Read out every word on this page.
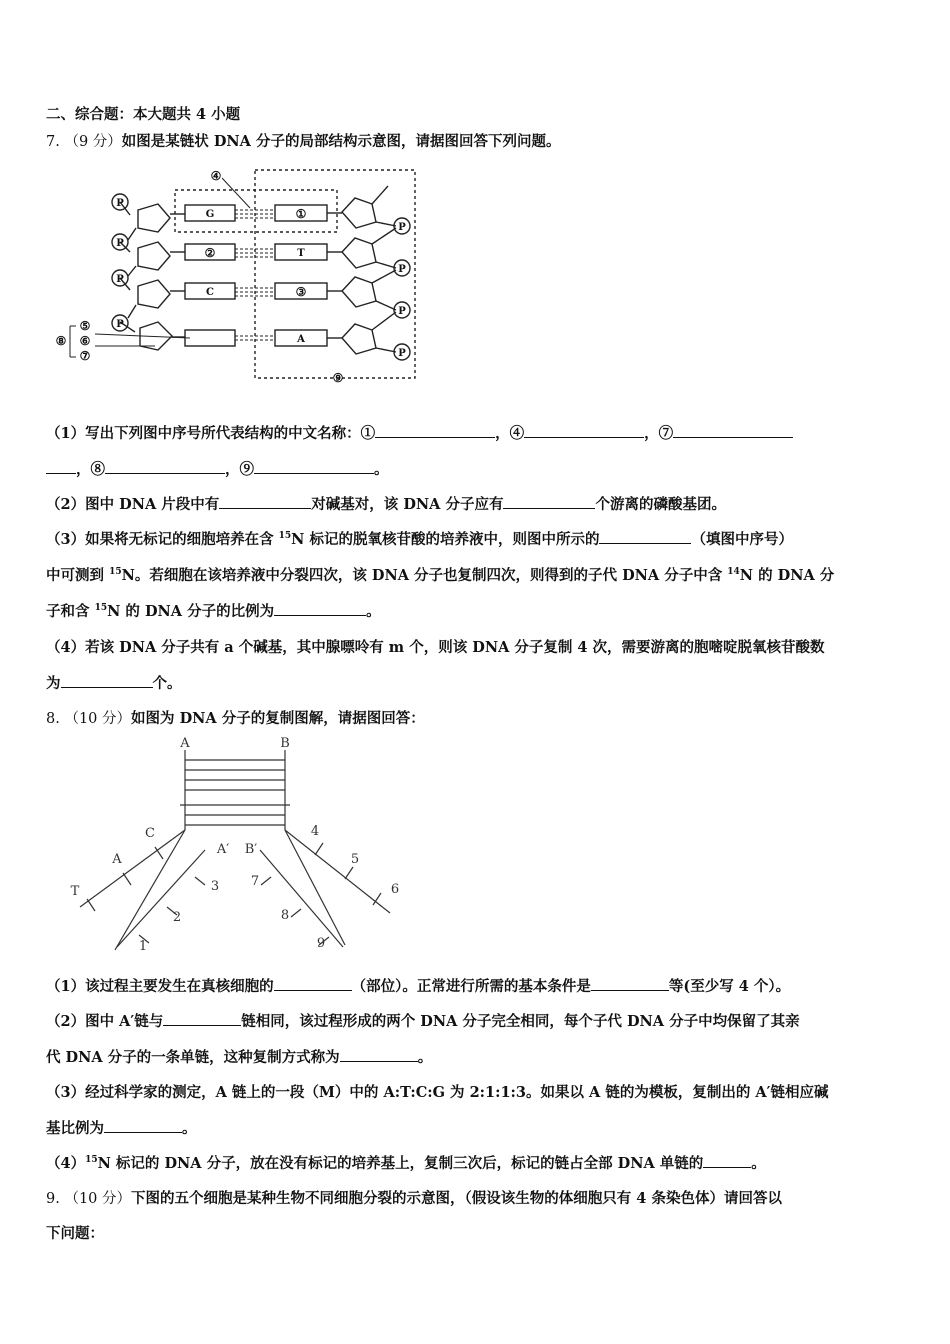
二、综合题：本大题共 4 小题
7. （9 分）如图是某链状 DNA 分子的局部结构示意图，请据图回答下列问题。
P
P
P
P
P
P
P
P
G
C
T
A
①
②
③
④
⑤
⑥
⑦
⑧
⑨
（1）写出下列图中序号所代表结构的中文名称：①	，④	，⑦
，⑧	，⑨	。
（2）图中 DNA 片段中有	对碱基对，该 DNA 分子应有	个游离的磷酸基团。
（3）如果将无标记的细胞培养在含 $^{15}$N 标记的脱氧核苷酸的培养液中，则图中所示的	（填图中序号）
中可测到 $^{15}$N。若细胞在该培养液中分裂四次，该 DNA 分子也复制四次，则得到的子代 DNA 分子中含 $^{14}$N 的 DNA 分
子和含 $^{15}$N 的 DNA 分子的比例为	。
（4）若该 DNA 分子共有 a 个碱基，其中腺嘌呤有 m 个，则该 DNA 分子复制 4 次，需要游离的胞嘧啶脱氧核苷酸数
为	个。
8. （10 分）如图为 DNA 分子的复制图解，请据图回答：
A	B
A′ B′
C
A
T
1
2
3
4
5
6
7
8
9
（1）该过程主要发生在真核细胞的	（部位）。正常进行所需的基本条件是	等(至少写 4 个）。
（2）图中 A′链与	链相同，该过程形成的两个 DNA 分子完全相同，每个子代 DNA 分子中均保留了其亲
代 DNA 分子的一条单链，这种复制方式称为	。
（3）经过科学家的测定，A 链上的一段（M）中的 A:T:C:G 为 2:1:1:3。如果以 A 链的为模板，复制出的 A′链相应碱
基比例为	。
$(4)^{15}N$ 标记的 DNA 分子，放在没有标记的培养基上，复制三次后，标记的链占全部 DNA 单链的	。
9. （10 分）下图的五个细胞是某种生物不同细胞分裂的示意图，（假设该生物的体细胞只有 4 条染色体）请回答以
下问题：
